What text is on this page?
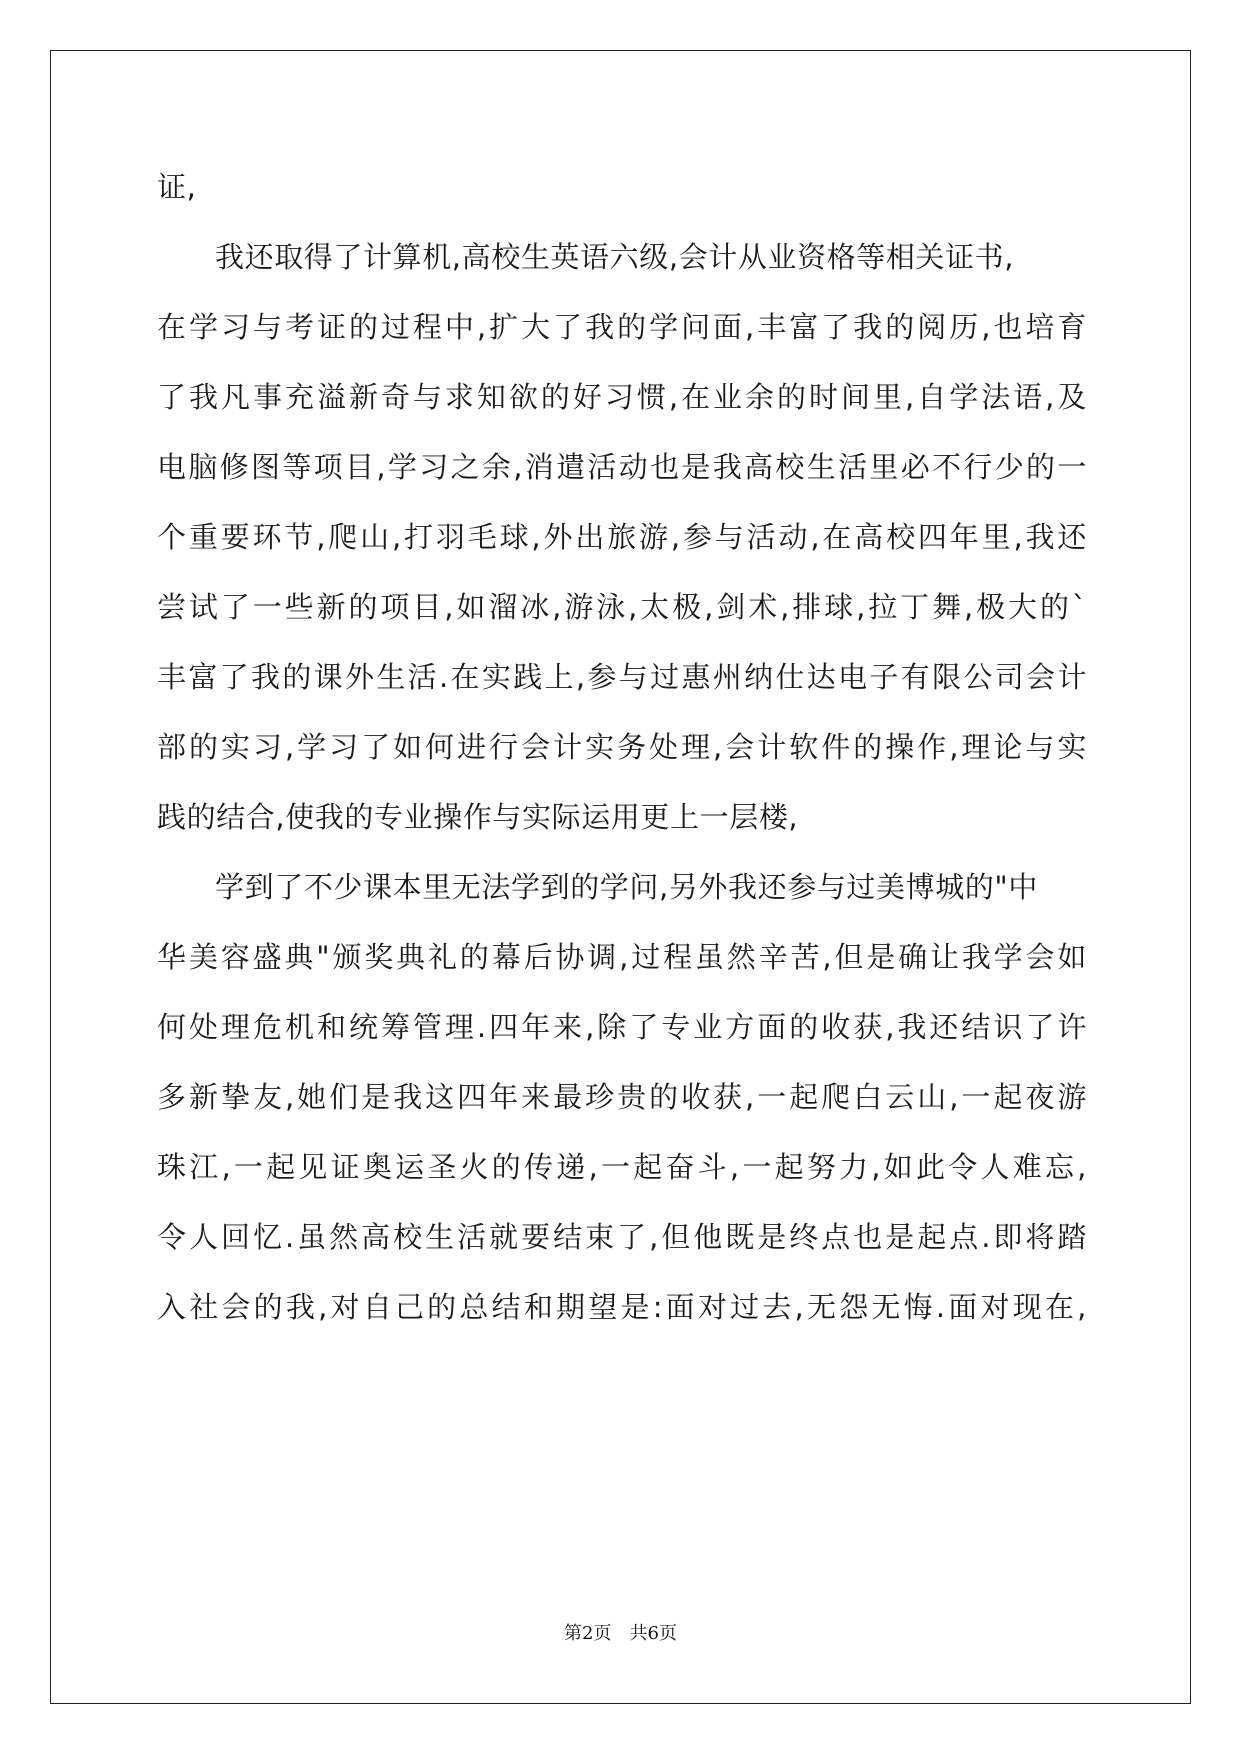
证,
我还取得了计算机,高校生英语六级,会计从业资格等相关证书,
在学习与考证的过程中,扩大了我的学问面,丰富了我的阅历,也培育
了我凡事充溢新奇与求知欲的好习惯,在业余的时间里,自学法语,及
电脑修图等项目,学习之余,消遣活动也是我高校生活里必不行少的一
个重要环节,爬山,打羽毛球,外出旅游,参与活动,在高校四年里,我还
尝试了一些新的项目,如溜冰,游泳,太极,剑术,排球,拉丁舞,极大的`
丰富了我的课外生活.在实践上,参与过惠州纳仕达电子有限公司会计
部的实习,学习了如何进行会计实务处理,会计软件的操作,理论与实
践的结合,使我的专业操作与实际运用更上一层楼,
学到了不少课本里无法学到的学问,另外我还参与过美博城的"中
华美容盛典"颁奖典礼的幕后协调,过程虽然辛苦,但是确让我学会如
何处理危机和统筹管理.四年来,除了专业方面的收获,我还结识了许
多新挚友,她们是我这四年来最珍贵的收获,一起爬白云山,一起夜游
珠江,一起见证奥运圣火的传递,一起奋斗,一起努力,如此令人难忘,
令人回忆.虽然高校生活就要结束了,但他既是终点也是起点.即将踏
入社会的我,对自己的总结和期望是:面对过去,无怨无悔.面对现在,
第2页 共6页
